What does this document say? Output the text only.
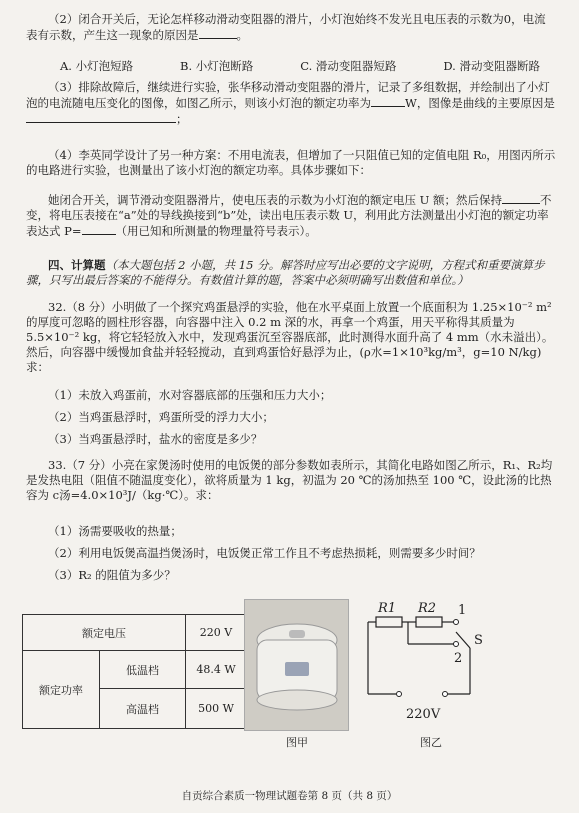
（2）闭合开关后，无论怎样移动滑动变阻器的滑片，小灯泡始终不发光且电压表的示数为0，电流表有示数，产生这一现象的原因是	。
A. 小灯泡短路	B. 小灯泡断路	C. 滑动变阻器短路	D. 滑动变阻器断路
（3）排除故障后，继续进行实验，张华移动滑动变阻器的滑片，记录了多组数据，并绘制出了小灯泡的电流随电压变化的图像，如图乙所示，则该小灯泡的额定功率为	W，图像是曲线的主要原因是；
（4）李英同学设计了另一种方案：不用电流表，但增加了一只阻值已知的定值电阻 R₀，用图丙所示的电路进行实验，也测量出了该小灯泡的额定功率。具体步骤如下：
她闭合开关，调节滑动变阻器滑片，使电压表的示数为小灯泡的额定电压 U 额；然后保持	不变，将电压表接在“a”处的导线换接到“b”处，读出电压表示数 U，利用此方法测量出小灯泡的额定功率表达式 P=	（用已知和所测量的物理量符号表示）。
四、计算题（本大题包括 2 小题，共 15 分。解答时应写出必要的文字说明，方程式和重要演算步骤，只写出最后答案的不能得分。有数值计算的题，答案中必须明确写出数值和单位。）
32.（8 分）小明做了一个探究鸡蛋悬浮的实验，他在水平桌面上放置一个底面积为 1.25×10⁻² m² 的厚度可忽略的圆柱形容器，向容器中注入 0.2 m 深的水，再拿一个鸡蛋，用天平称得其质量为 5.5×10⁻² kg，将它轻轻放入水中，发现鸡蛋沉至容器底部，此时测得水面升高了 4 mm（水未溢出）。然后，向容器中缓慢加食盐并轻轻搅动，直到鸡蛋恰好悬浮为止，(ρ水=1×10³kg/m³，g=10 N/kg)求：
（1）未放入鸡蛋前，水对容器底部的压强和压力大小；
（2）当鸡蛋悬浮时，鸡蛋所受的浮力大小；
（3）当鸡蛋悬浮时，盐水的密度是多少？
33.（7 分）小亮在家煲汤时使用的电饭煲的部分参数如表所示，其简化电路如图乙所示，R₁、R₂均是发热电阻（阻值不随温度变化），欲将质量为 1 kg，初温为 20 ℃的汤加热至 100 ℃，设此汤的比热容为 c汤=4.0×10³J/（kg·℃）。求：
（1）汤需要吸收的热量；
（2）利用电饭煲高温挡煲汤时，电饭煲正常工作且不考虑热损耗，则需要多少时间？
（3）R₂ 的阻值为多少？
额定电压		220 V
额定功率	低温档	48.4 W
	高温档	500 W
图甲
R1 R2 1
2
S
220V
图乙
自贡综合素质一物理试题卷第 8 页（共 8 页）
